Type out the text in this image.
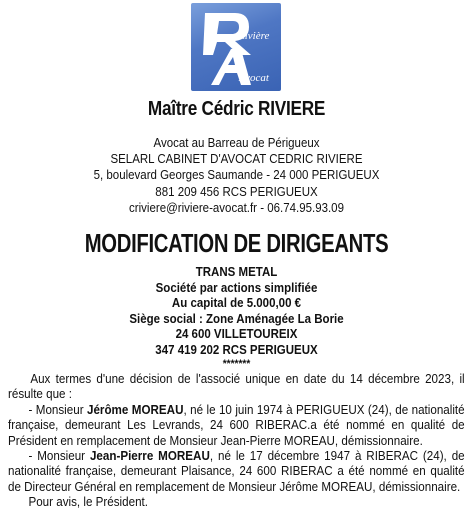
Rivière
Avocat
Maître Cédric RIVIERE
Avocat au Barreau de Périgueux
SELARL CABINET D'AVOCAT CEDRIC RIVIERE
5, boulevard Georges Saumande - 24 000 PERIGUEUX
881 209 456 RCS PERIGUEUX
criviere@riviere-avocat.fr - 06.74.95.93.09
MODIFICATION DE DIRIGEANTS
TRANS METAL
Société par actions simplifiée
Au capital de 5.000,00 €
Siège social : Zone Aménagée La Borie
24 600 VILLETOUREIX
347 419 202 RCS PERIGUEUX
*******

Aux termes d'une décision de l'associé unique en date du 14 décembre 2023, il résulte que :

- Monsieur Jérôme MOREAU, né le 10 juin 1974 à PERIGUEUX (24), de nationalité française, demeurant Les Levrands, 24 600 RIBERAC.a été nommé en qualité de Président en remplacement de Monsieur Jean-Pierre MOREAU, démissionnaire.

- Monsieur Jean-Pierre MOREAU, né le 17 décembre 1947 à RIBERAC (24), de nationalité française, demeurant Plaisance, 24 600 RIBERAC a été nommé en qualité de Directeur Général en remplacement de Monsieur Jérôme MOREAU, démissionnaire.

Pour avis, le Président.
